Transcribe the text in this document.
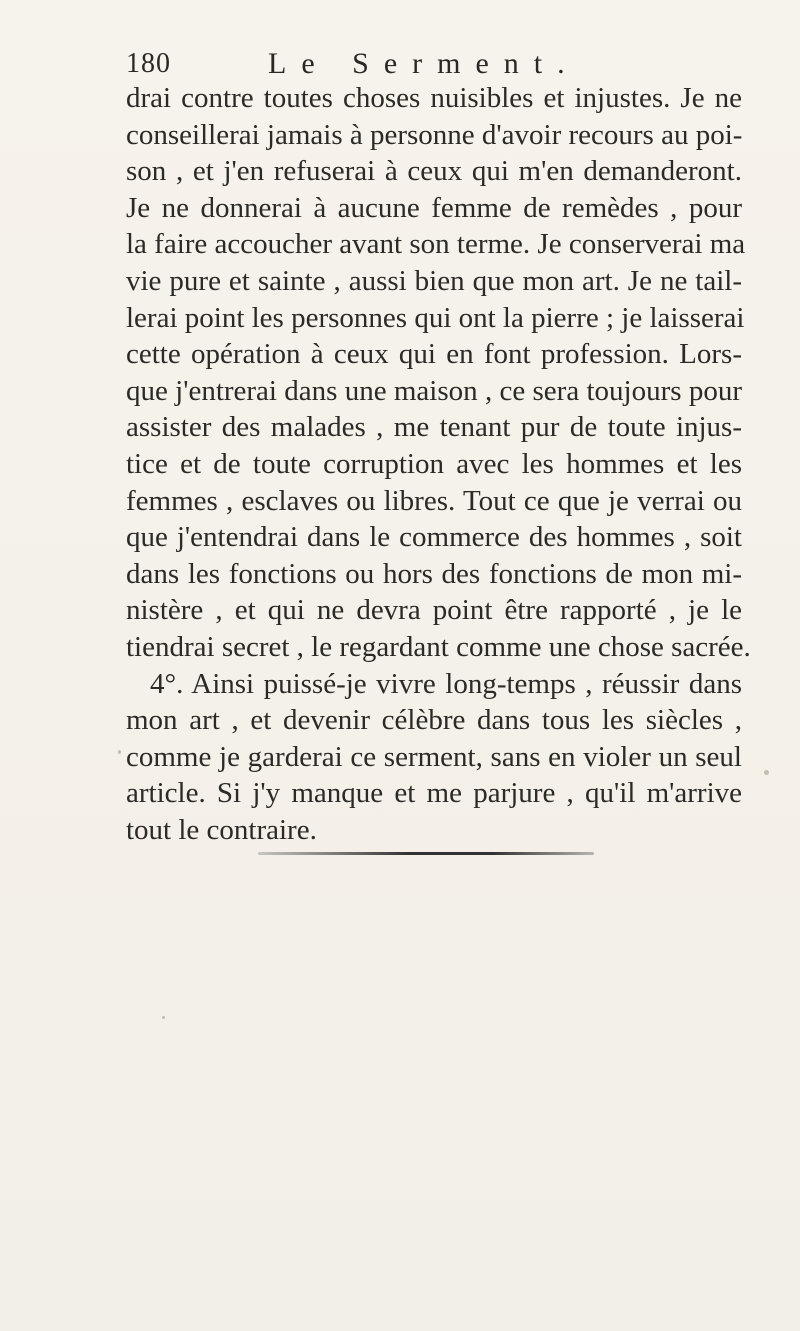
180	Le Serment.
drai contre toutes choses nuisibles et injustes. Je ne
conseillerai jamais à personne d'avoir recours au poi-
son , et j'en refuserai à ceux qui m'en demanderont.
Je ne donnerai à aucune femme de remèdes , pour
la faire accoucher avant son terme. Je conserverai ma
vie pure et sainte , aussi bien que mon art. Je ne tail-
lerai point les personnes qui ont la pierre ; je laisserai
cette opération à ceux qui en font profession. Lors-
que j'entrerai dans une maison , ce sera toujours pour
assister des malades , me tenant pur de toute injus-
tice et de toute corruption avec les hommes et les
femmes , esclaves ou libres. Tout ce que je verrai ou
que j'entendrai dans le commerce des hommes , soit
dans les fonctions ou hors des fonctions de mon mi-
nistère , et qui ne devra point être rapporté , je le
tiendrai secret , le regardant comme une chose sacrée.
4°. Ainsi puissé-je vivre long-temps , réussir dans
mon art , et devenir célèbre dans tous les siècles ,
comme je garderai ce serment, sans en violer un seul
article. Si j'y manque et me parjure , qu'il m'arrive
tout le contraire.
